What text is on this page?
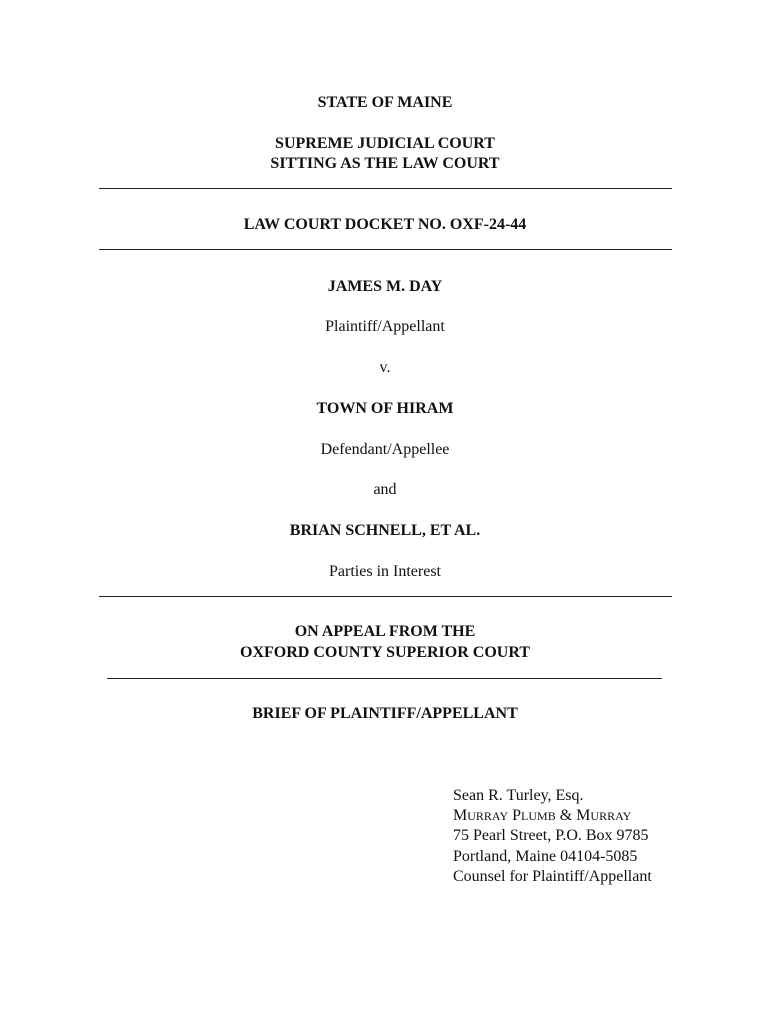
STATE OF MAINE
SUPREME JUDICIAL COURT
SITTING AS THE LAW COURT
LAW COURT DOCKET NO. OXF-24-44
JAMES M. DAY
Plaintiff/Appellant
v.
TOWN OF HIRAM
Defendant/Appellee
and
BRIAN SCHNELL, ET AL.
Parties in Interest
ON APPEAL FROM THE
OXFORD COUNTY SUPERIOR COURT
BRIEF OF PLAINTIFF/APPELLANT
Sean R. Turley, Esq.
MURRAY PLUMB & MURRAY
75 Pearl Street, P.O. Box 9785
Portland, Maine 04104-5085
Counsel for Plaintiff/Appellant
